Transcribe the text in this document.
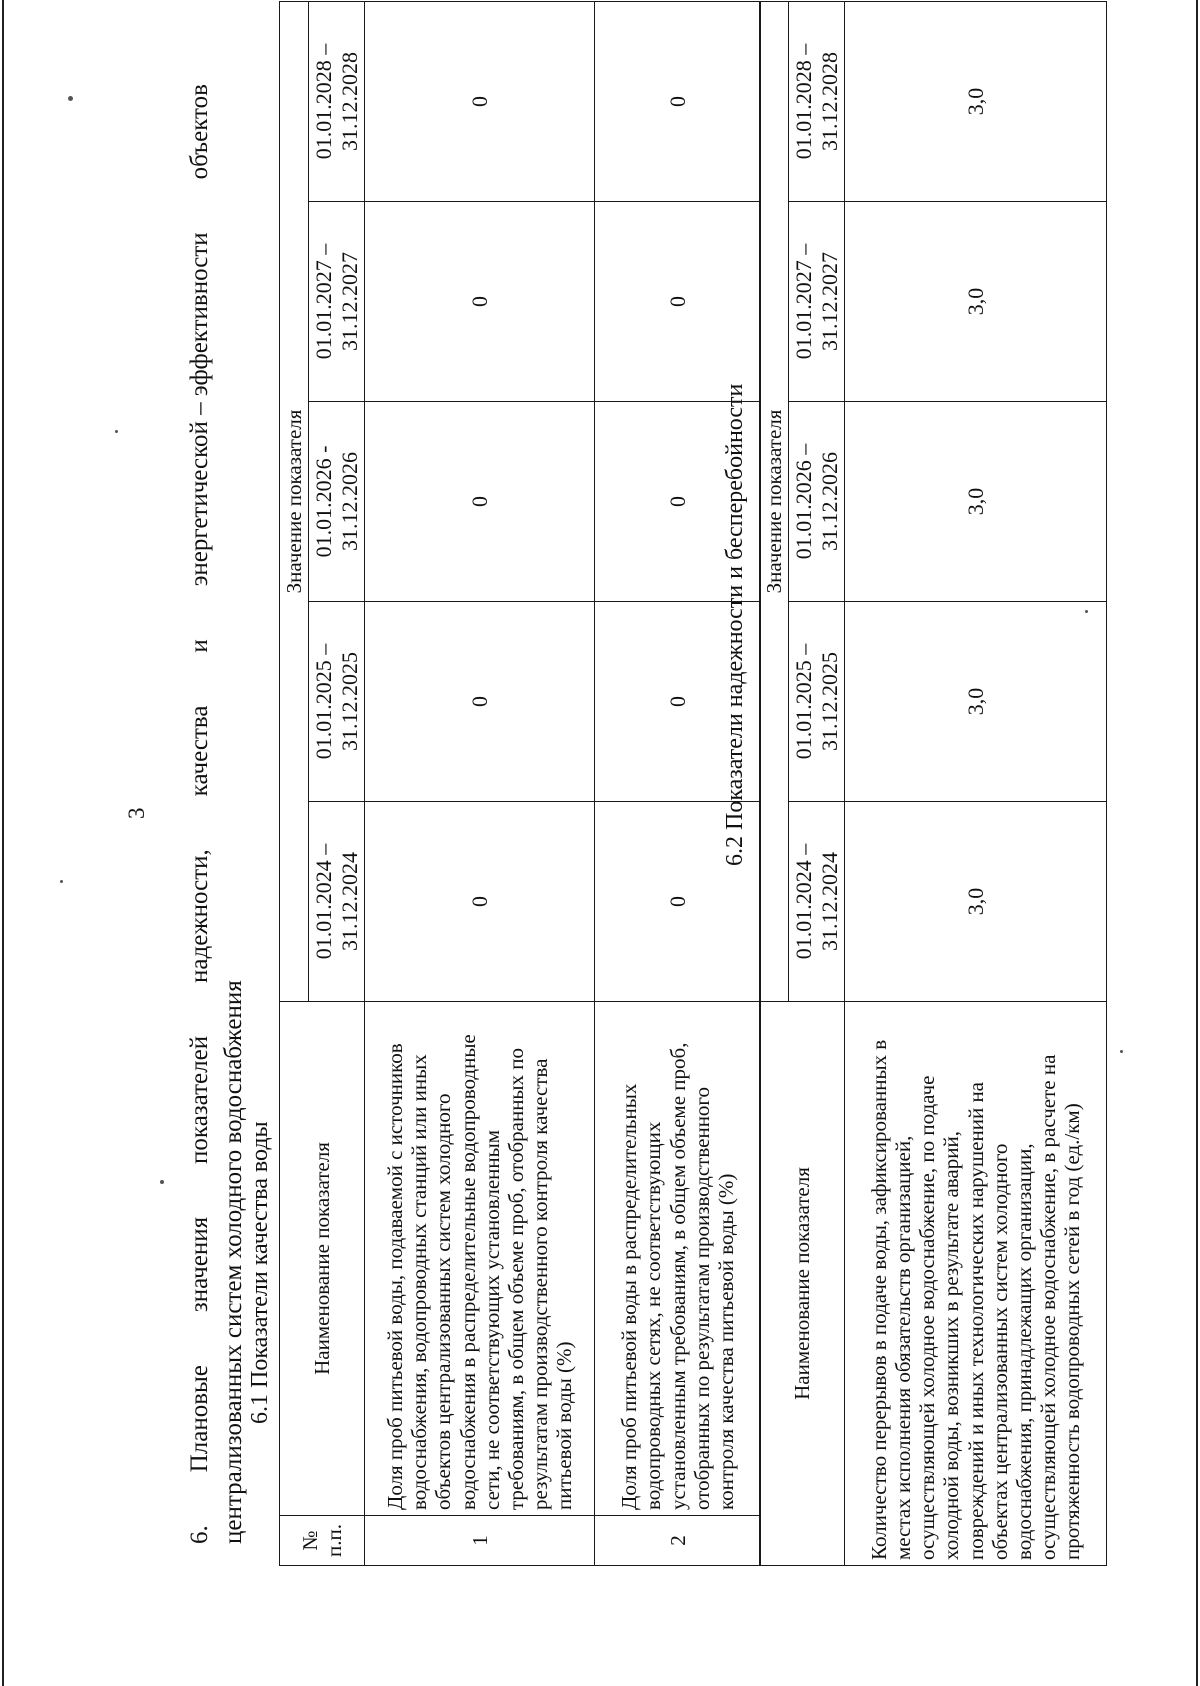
3
6.
Плановые
значения
показателей
надежности,
качества
и
энергетической – эффективности
объектов
централизованных систем холодного водоснабжения 6.1 Показатели качества воды
№ п.п.	Наименование показателя	Значение показателя				
		01.01.2024 – 31.12.2024	01.01.2025 – 31.12.2025	01.01.2026 - 31.12.2026	01.01.2027 – 31.12.2027	01.01.2028 – 31.12.2028
1	Доля проб питьевой воды, подаваемой с источников водоснабжения, водопроводных станций или иных объектов централизованных систем холодного водоснабжения в распределительные водопроводные сети, не соответствующих установленным требованиям, в общем объеме проб, отобранных по результатам производственного контроля качества питьевой воды (%)	0	0	0	0	0
2	Доля проб питьевой воды в распределительных водопроводных сетях, не соответствующих установленным требованиям, в общем объеме проб, отобранных по результатам производственного контроля качества питьевой воды (%)	0	0	0	0	0
6.2 Показатели надежности и бесперебойности
Наименование показателя	Значение показателя				
	01.01.2024 – 31.12.2024	01.01.2025 – 31.12.2025	01.01.2026 – 31.12.2026	01.01.2027 – 31.12.2027	01.01.2028 – 31.12.2028
Количество перерывов в подаче воды, зафиксированных в местах исполнения обязательств организацией, осуществляющей холодное водоснабжение, по подаче холодной воды, возникших в результате аварий, повреждений и иных технологических нарушений на объектах централизованных систем холодного водоснабжения, принадлежащих организации, осуществляющей холодное водоснабжение, в расчете на протяженность водопроводных сетей в год (ед./км)	3,0	3,0	3,0	3,0	3,0
